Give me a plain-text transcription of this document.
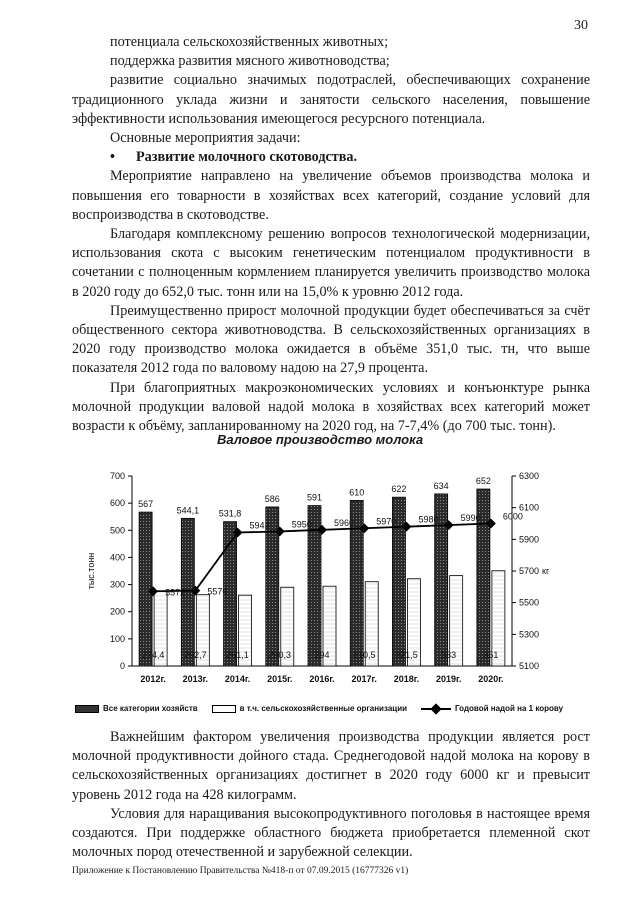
30

потенциала сельскохозяйственных животных;

поддержка развития мясного животноводства;

развитие социально значимых подотраслей, обеспечивающих сохранение традиционного уклада жизни и занятости сельского населения, повышение эффективности использования имеющегося ресурсного потенциала.

Основные мероприятия задачи:

• Развитие молочного скотоводства.

Мероприятие направлено на увеличение объемов производства молока и повышения его товарности в хозяйствах всех категорий, создание условий для воспроизводства в скотоводстве.

Благодаря комплексному решению вопросов технологической модернизации, использования скота с высоким генетическим потенциалом продуктивности в сочетании с полноценным кормлением планируется увеличить производство молока в 2020 году до 652,0 тыс. тонн или на 15,0% к уровню 2012 года.

Преимущественно прирост молочной продукции будет обеспечиваться за счёт общественного сектора животноводства. В сельскохозяйственных организациях в 2020 году производство молока ожидается в объёме 351,0 тыс. тн, что выше показателя 2012 года по валовому надою на 27,9 процента.

При благоприятных макроэкономических условиях и конъюнктуре рынка молочной продукции валовой надой молока в хозяйствах всех категорий может возрасти к объёму, запланированному на 2020 год, на 7-7,4% (до 700 тыс. тонн).

Валовое производство молока
0
100
200
300
400
500
600
700
5100
5300
5500
5700
5900
6100
6300
кг
тыс.тонн
567
274,4
2012г.
544,1
262,7
2013г.
531,8
261,1
2014г.
586
290,3
2015г.
591
294
2016г.
610
310,5
2017г.
622
321,5
2018г.
634
333
2019г.
652
351
2020г.
5572 5576
5943 5950 5960 5970 5980 5990 6000
Все категории хозяйств	в т.ч. сельскохозяйственные организации	Годовой надой на 1 корову

Важнейшим фактором увеличения производства продукции является рост молочной продуктивности дойного стада. Среднегодовой надой молока на корову в сельскохозяйственных организациях достигнет в 2020 году 6000 кг и превысит уровень 2012 года на 428 килограмм.

Условия для наращивания высокопродуктивного поголовья в настоящее время создаются. При поддержке областного бюджета приобретается племенной скот молочных пород отечественной и зарубежной селекции.

Приложение к Постановлению Правительства №418-п от 07.09.2015 (16777326 v1)
